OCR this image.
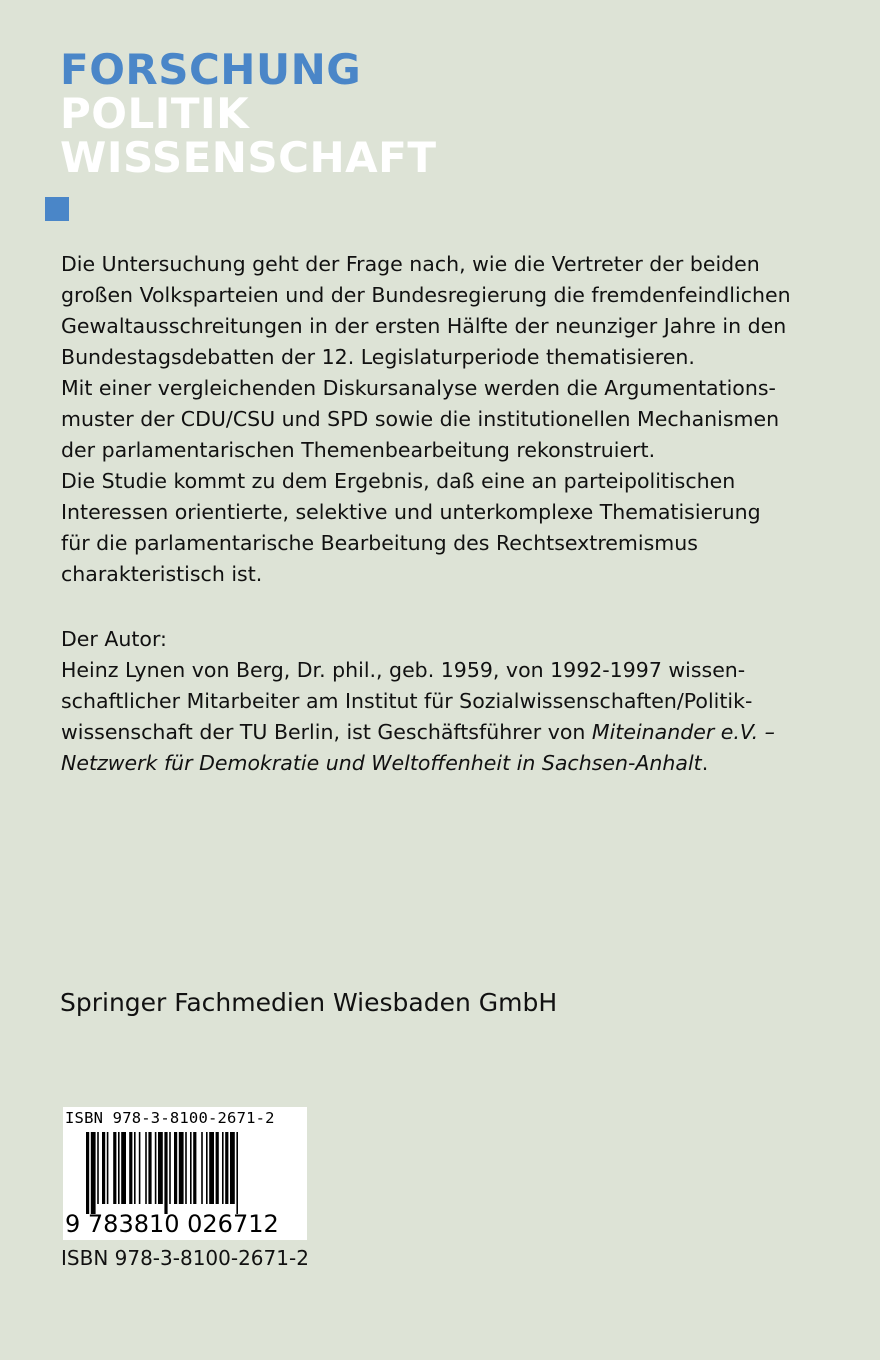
FORSCHUNG
POLITIK
WISSENSCHAFT
Die Untersuchung geht der Frage nach, wie die Vertreter der beiden
großen Volksparteien und der Bundesregierung die fremdenfeindlichen
Gewaltausschreitungen in der ersten Hälfte der neunziger Jahre in den
Bundestagsdebatten der 12. Legislaturperiode thematisieren.
Mit einer vergleichenden Diskursanalyse werden die Argumentations-
muster der CDU/CSU und SPD sowie die institutionellen Mechanismen
der parlamentarischen Themenbearbeitung rekonstruiert.
Die Studie kommt zu dem Ergebnis, daß eine an parteipolitischen
Interessen orientierte, selektive und unterkomplexe Thematisierung
für die parlamentarische Bearbeitung des Rechtsextremismus
charakteristisch ist.
Der Autor:
Heinz Lynen von Berg, Dr. phil., geb. 1959, von 1992-1997 wissen-
schaftlicher Mitarbeiter am Institut für Sozialwissenschaften/Politik-
wissenschaft der TU Berlin, ist Geschäftsführer von Miteinander e.V. –
Netzwerk für Demokratie und Weltoffenheit in Sachsen-Anhalt.

Springer Fachmedien Wiesbaden GmbH

ISBN 978-3-8100-2671-2
9 783810 026712

ISBN 978-3-8100-2671-2
